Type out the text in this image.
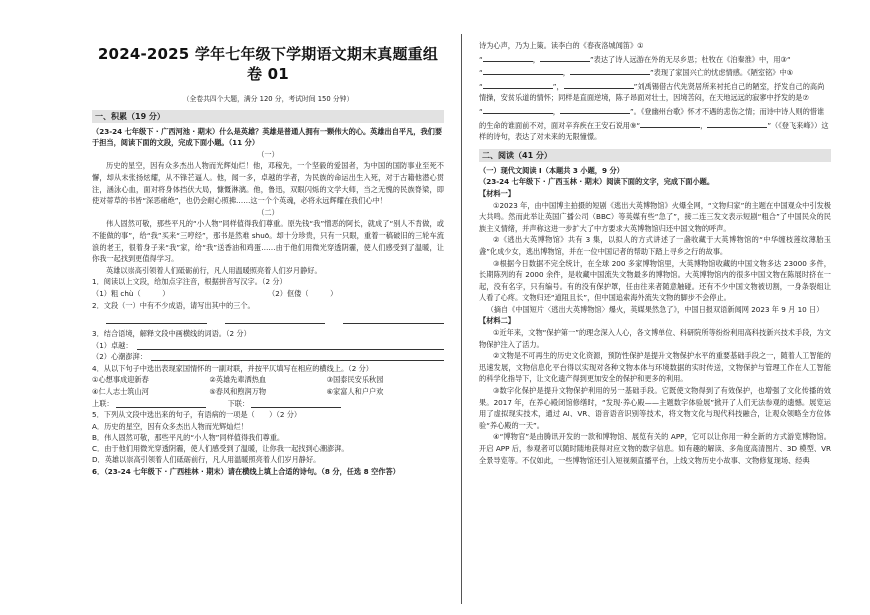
2024-2025 学年七年级下学期语文期末真题重组卷 01
（全卷共四个大题，满分 120 分，考试时间 150 分钟）
一、积累（19 分）
（23-24 七年级下 · 广西河池 · 期末）什么是英雄？英雄是普通人拥有一颗伟大的心。英雄出自平凡，我们要于担当，阅读下面的文段，完成下面小题。（11 分）
（一）

历史的星空，因有众多杰出人物而光辉灿烂！他，邓稼先，一个坚毅的爱国者，为中国的国防事业至死不懈，却从未张扬炫耀，从不锋芒逼人。他，闻一多，卓越的学者，为民族的命运出生入死，对于古籍他潜心贯注，涵泳心血，面对将身体挡伏大局，慷慨淋漓。他，鲁迅，双眼闪烁的文学大师，当之无愧的民族脊梁，即使对蒂草的书皆“深恶痛绝”，也仍会耐心照拂……这一个个英魂，必将永远辉耀在我们心中！

（二）

伟人固然可敬，那些平凡的“小人物”同样值得我们尊重。原先钱“我”憎恶的阿长，就成了“别人不肯做，或不能做的事”，给“我”买来“三哼经”，那书是然难 shuō。却十分珍贵，只有一只眼，重着一稿破旧的三轮车流浪的老王，很着身子来“我”家，给“我”送香油和鸡蛋……由于他们用微光穿透阴霾，使人们感受到了温暖，让你我一起找到更值得学习。

英雄以崇高引领着人们砥砺前行，凡人用温暖照亮着人们岁月静好。

1．阅读以上文段，给加点字注音，根据拼音写汉字。（2 分）
（1）粗 chù（　　　）	（2）伛偻（　　　）
2．文段（一）中有不少成语，请写出其中的三个。
3．结合语境，解释文段中画横线的词语。（2 分）
（1）卓越：
（2）心潮澎湃：
4．从以下句子中选出表现家国情怀的一副对联，并按平仄填写在相应的横线上。（2 分）
①心想事成迎新春	②英雄先辈洒热血	③国泰民安乐秋园
④仁人志士筑山河	⑤春风和煦润万物	⑥家富人和户户欢
上联：	下联：
5．下列从文段中选出来的句子，有语病的一项是（　　）（2 分）
A．历史的星空，因有众多杰出人物而光辉灿烂！
B．伟人固然可敬，那些平凡的“小人物”同样值得我们尊重。
C．由于他们用微光穿透阴霾，使人们感受到了温暖，让你我一起找到心潮澎湃。
D．英雄以崇高引领着人们砥砺前行，凡人用温暖照亮着人们岁月静好。
6．（23-24 七年级下 · 广西桂林 · 期末）请在横线上填上合适的诗句。（8 分，任选 8 空作答）
诗为心声，乃为上策。读李白的《春夜洛城闻笛》①
“	，	”表达了诗人远游在外的无尽乡思；杜牧在《泊秦淮》中，用③“
“	，	”表现了家国兴亡的忧虑情感。《陋室铭》中⑤
“	”，	”刘禹锡借古代先贤居所来衬托自己的陋室，抒发自己的高尚情操，安贫乐道的情怀；同样是直面逆境，陈子昂面对壮士，因境苦闷，在天地远远的寂寥中抒发的是⑦
“	，	”。《登幽州台歌》怀才不遇的悲伤之情；而诗中诗人则的惜谁的生命的谁面前不对，面对辛弃疾在王安石说用⑨“	，	”（《登飞来峰》）这样的诗句，表达了对未来的无限憧憬。
二、阅读（41 分）
（一）现代文阅读 I（本题共 3 小题，9 分）
（23-24 七年级下 · 广西玉林 · 期末）阅读下面的文字，完成下面小题。
【材料一】

①2023 年，由中国博主拍摄的短剧《逃出大英博物馆》火爆全网，“文物归家”的主题在中国观众中引发极大共鸣。然而此举让英国广播公司（BBC）等英媒有些“急了”，接二连三发文表示短剧“粗合”了中国民众的民族主义情绪，并声称这进一步扩大了中方要求大英博物馆归还中国文物的呼声。

②《逃出大英博物馆》共有 3 集，以拟人的方式讲述了一盏收藏于大英博物馆的“中华缠枝莲纹薄胎玉盏”化成少女，逃出博物馆，并在一位中国记者的帮助下踏上寻乡之行的故事。

③根据今日数据不完全统计，在全球 200 多家博物馆里，大英博物馆收藏的中国文物多达 23000 多件，长期陈列的有 2000 余件，是收藏中国流失文物最多的博物馆。大英博物馆内的很多中国文物在陈展时挤在一起，没有名字，只有编号。有的没有保护罩，任由往来者随意触碰。还有不少中国文物被切割，一身条裂组让人看了心疼。文物归还“道阻且长”，但中国追索海外流失文物的脚步不会停止。

（摘自《中国短片〈逃出大英博物馆〉爆火，英媒果然急了》，中国日报双语新闻网 2023 年 9 月 10 日）
【材料二】

①近年来，文物“保护第一”的理念深入人心，各文博单位、科研院所等纷纷利用高科技新兴技术手段，为文物保护注入了活力。

②文物是不可再生的历史文化资源，预防性保护是提升文物保护水平的重要基础手段之一，随着人工智能的迅速发展，文物信息化平台得以实现对各种文物本体与环境数据的实时传送，文物保护与管理工作在人工智能的科学化指导下，让文化遗产得到更加安全的保护和更多的利用。

③数字化保护是提升文物保护利用的另一基础手段。它既使文物得到了有效保护，也增强了文化传播的效果。2017 年，在养心殿闭馆修缮时，“发现·养心殿——主题数字体验展”掀开了人们无法参观的遗憾。展览运用了虚拟现实技术，通过 AI、VR、语音语音识别等技术，将文物文化与现代科技融合，让观众领略全方位体验“养心殿的一天”。

④“博物官”是由腾讯开发的一款和博物馆、展览有关的 APP，它可以让你用一种全新的方式游览博物馆。开启 APP 后，参观者可以随时随地获得对应文物的数字信息。如有趣的解读、多角度高清图片、3D 模型、VR 全景导览等。不仅如此，一些博物馆还引入短视频直播平台，上线文物历史小故事、文物修复现场、经典
